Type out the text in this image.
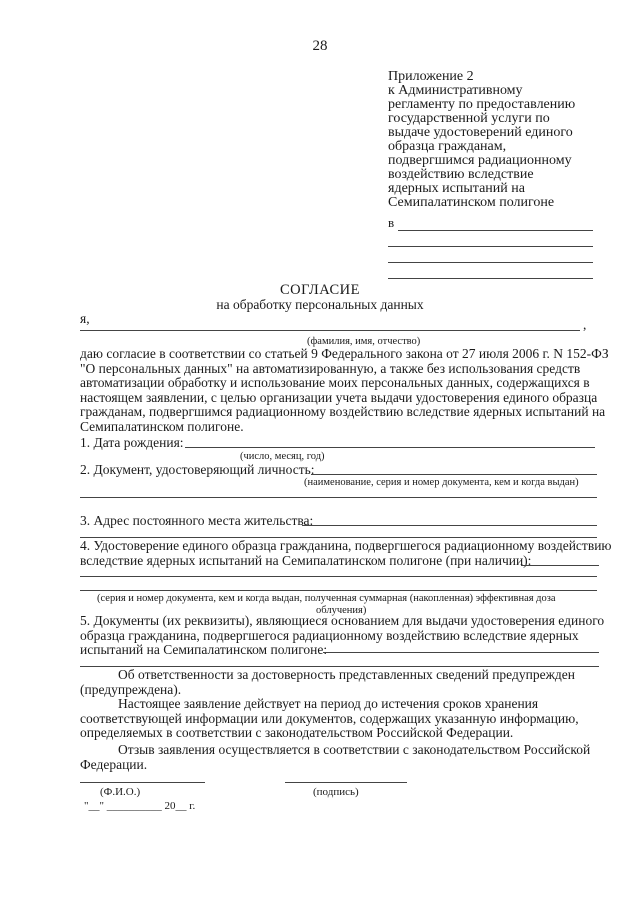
28
Приложение 2
к Административному
регламенту по предоставлению
государственной услуги по
выдаче удостоверений единого
образца гражданам,
подвергшимся радиационному
воздействию вследствие
ядерных испытаний на
Семипалатинском полигоне
в
СОГЛАСИЕ
на обработку персональных данных
я,	,
(фамилия, имя, отчество)
даю согласие в соответствии со статьей 9 Федерального закона от 27 июля 2006 г. N 152-ФЗ
"О персональных данных" на автоматизированную, а также без использования средств
автоматизации обработку и использование моих персональных данных, содержащихся в
настоящем заявлении, с целью организации учета выдачи удостоверения единого образца
гражданам, подвергшимся радиационному воздействию вследствие ядерных испытаний на
Семипалатинском полигоне.
1. Дата рождения:
(число, месяц, год)
2. Документ, удостоверяющий личность:
(наименование, серия и номер документа, кем и когда выдан)
3. Адрес постоянного места жительства:
4. Удостоверение единого образца гражданина, подвергшегося радиационному воздействию
вследствие ядерных испытаний на Семипалатинском полигоне (при наличии):
(серия и номер документа, кем и когда выдан, полученная суммарная (накопленная) эффективная доза
облучения)
5. Документы (их реквизиты), являющиеся основанием для выдачи удостоверения единого
образца гражданина, подвергшегося радиационному воздействию вследствие ядерных
испытаний на Семипалатинском полигоне:
Об ответственности за достоверность представленных сведений предупрежден
(предупреждена).
Настоящее заявление действует на период до истечения сроков хранения
соответствующей информации или документов, содержащих указанную информацию,
определяемых в соответствии с законодательством Российской Федерации.
Отзыв заявления осуществляется в соответствии с законодательством Российской
Федерации.
(Ф.И.О.)	(подпись)
"__" __________ 20__ г.
